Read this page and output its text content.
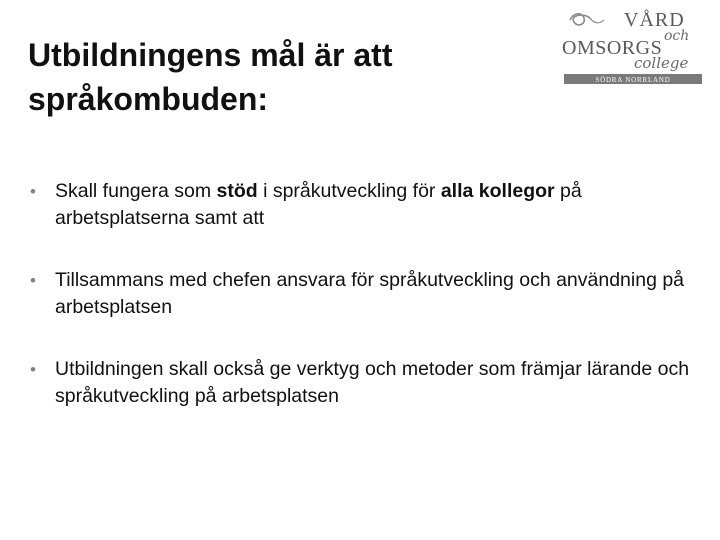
Utbildningens mål är att
språkombuden:
VÅRD
och
OMSORGS
college
SÖDRA NORRLAND
• Skall fungera som stöd i språkutveckling för alla kollegor på arbetsplatserna samt att
• Tillsammans med chefen ansvara för språkutveckling och användning på arbetsplatsen
• Utbildningen skall också ge verktyg och metoder som främjar lärande och språkutveckling på arbetsplatsen
